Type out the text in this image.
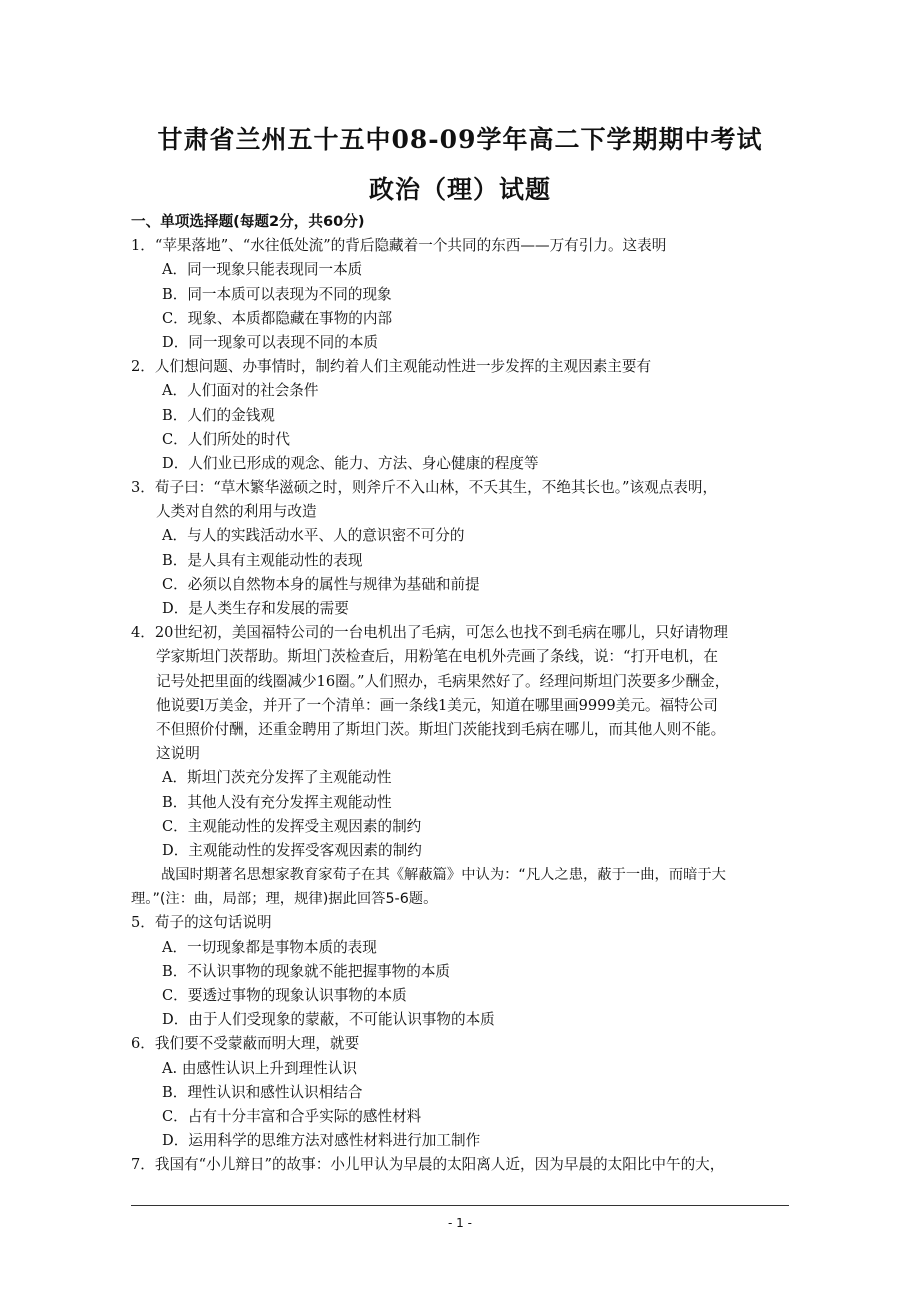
甘肃省兰州五十五中08-09学年高二下学期期中考试
政治（理）试题
一、单项选择题(每题2分，共60分)
1．“苹果落地”、“水往低处流”的背后隐藏着一个共同的东西——万有引力。这表明
A．同一现象只能表现同一本质
B．同一本质可以表现为不同的现象
C．现象、本质都隐藏在事物的内部
D．同一现象可以表现不同的本质
2．人们想问题、办事情时，制约着人们主观能动性进一步发挥的主观因素主要有
A．人们面对的社会条件
B．人们的金钱观
C．人们所处的时代
D．人们业已形成的观念、能力、方法、身心健康的程度等
3．荀子曰：“草木繁华滋硕之时，则斧斤不入山林，不夭其生，不绝其长也。”该观点表明，
人类对自然的利用与改造
A．与人的实践活动水平、人的意识密不可分的
B．是人具有主观能动性的表现
C．必须以自然物本身的属性与规律为基础和前提
D．是人类生存和发展的需要
4．20世纪初，美国福特公司的一台电机出了毛病，可怎么也找不到毛病在哪儿，只好请物理
学家斯坦门茨帮助。斯坦门茨检查后，用粉笔在电机外壳画了条线，说：“打开电机，在
记号处把里面的线圈减少16圈。”人们照办，毛病果然好了。经理问斯坦门茨要多少酬金，
他说要l万美金，并开了一个清单：画一条线1美元，知道在哪里画9999美元。福特公司
不但照价付酬，还重金聘用了斯坦门茨。斯坦门茨能找到毛病在哪儿，而其他人则不能。
这说明
A．斯坦门茨充分发挥了主观能动性
B．其他人没有充分发挥主观能动性
C．主观能动性的发挥受主观因素的制约
D．主观能动性的发挥受客观因素的制约
战国时期著名思想家教育家荀子在其《解蔽篇》中认为：“凡人之患，蔽于一曲，而暗于大
理。”(注：曲，局部；理，规律)据此回答5-6题。
5．荀子的这句话说明
A．一切现象都是事物本质的表现
B．不认识事物的现象就不能把握事物的本质
C．要透过事物的现象认识事物的本质
D．由于人们受现象的蒙蔽，不可能认识事物的本质
6．我们要不受蒙蔽而明大理，就要
A. 由感性认识上升到理性认识
B．理性认识和感性认识相结合
C．占有十分丰富和合乎实际的感性材料
D．运用科学的思维方法对感性材料进行加工制作
7．我国有“小儿辩日”的故事：小儿甲认为早晨的太阳离人近，因为早晨的太阳比中午的大，
- 1 -
